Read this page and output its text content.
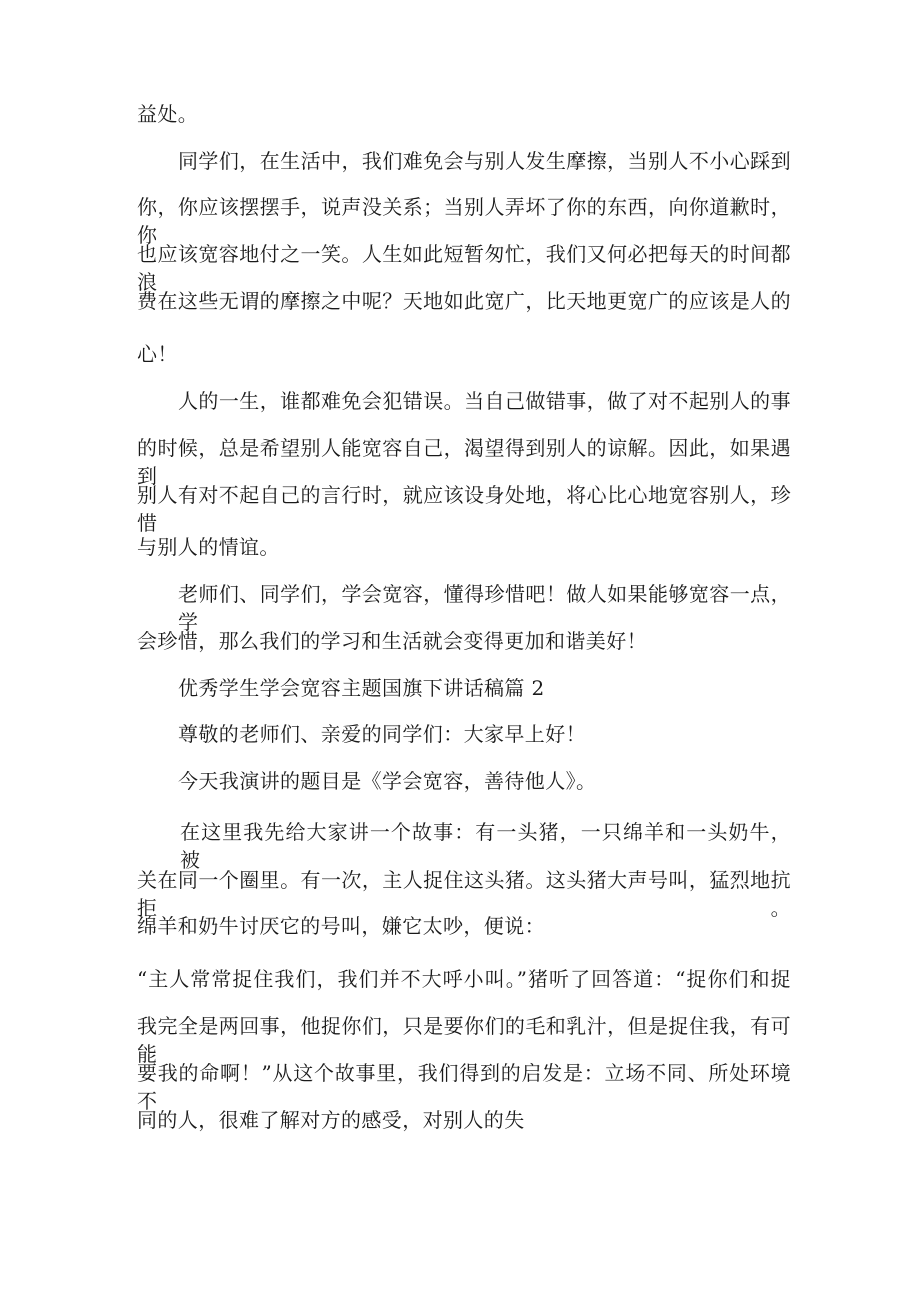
益处。
同学们，在生活中，我们难免会与别人发生摩擦，当别人不小心踩到
你，你应该摆摆手，说声没关系；当别人弄坏了你的东西，向你道歉时，你
也应该宽容地付之一笑。人生如此短暂匆忙，我们又何必把每天的时间都浪
费在这些无谓的摩擦之中呢？天地如此宽广，比天地更宽广的应该是人的
心！
人的一生，谁都难免会犯错误。当自己做错事，做了对不起别人的事
的时候，总是希望别人能宽容自己，渴望得到别人的谅解。因此，如果遇到
别人有对不起自己的言行时，就应该设身处地，将心比心地宽容别人，珍惜
与别人的情谊。
老师们、同学们，学会宽容，懂得珍惜吧！做人如果能够宽容一点，学
会珍惜，那么我们的学习和生活就会变得更加和谐美好！
优秀学生学会宽容主题国旗下讲话稿篇 2
尊敬的老师们、亲爱的同学们：大家早上好！
今天我演讲的题目是《学会宽容，善待他人》。
在这里我先给大家讲一个故事：有一头猪，一只绵羊和一头奶牛，被
关在同一个圈里。有一次，主人捉住这头猪。这头猪大声号叫，猛烈地抗拒。
绵羊和奶牛讨厌它的号叫，嫌它太吵，便说：
“主人常常捉住我们，我们并不大呼小叫。”猪听了回答道：“捉你们和捉
我完全是两回事，他捉你们，只是要你们的毛和乳汁，但是捉住我，有可能
要我的命啊！”从这个故事里，我们得到的启发是：立场不同、所处环境不
同的人，很难了解对方的感受，对别人的失
